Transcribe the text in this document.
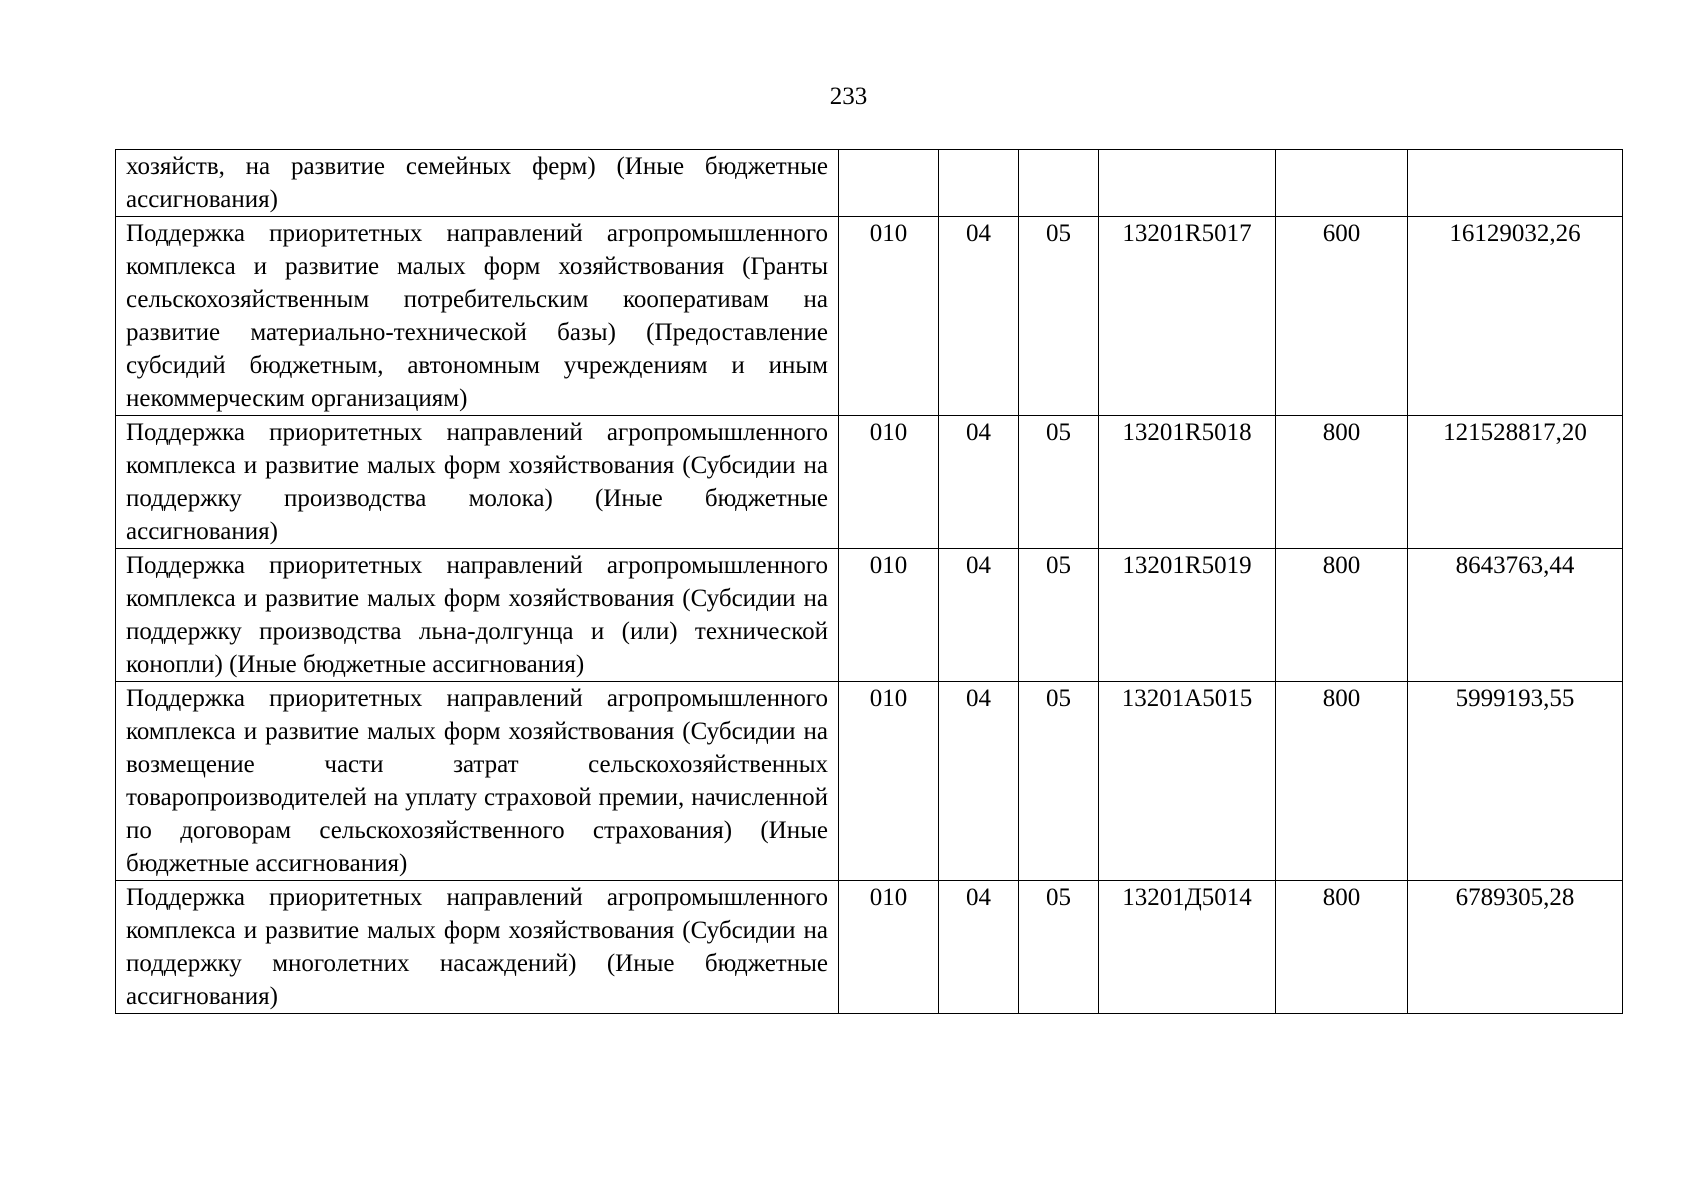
233
хозяйств, на развитие семейных ферм) (Иные бюджетные ассигнования)						
Поддержка приоритетных направлений агропромышленного комплекса и развитие малых форм хозяйствования (Гранты сельскохозяйственным потребительским кооперативам на развитие материально-технической базы) (Предоставление субсидий бюджетным, автономным учреждениям и иным некоммерческим организациям)	010	04	05	13201R5017	600	16129032,26
Поддержка приоритетных направлений агропромышленного комплекса и развитие малых форм хозяйствования (Субсидии на поддержку производства молока) (Иные бюджетные ассигнования)	010	04	05	13201R5018	800	121528817,20
Поддержка приоритетных направлений агропромышленного комплекса и развитие малых форм хозяйствования (Субсидии на поддержку производства льна-долгунца и (или) технической конопли) (Иные бюджетные ассигнования)	010	04	05	13201R5019	800	8643763,44
Поддержка приоритетных направлений агропромышленного комплекса и развитие малых форм хозяйствования (Субсидии на возмещение части затрат сельскохозяйственных товаропроизводителей на уплату страховой премии, начисленной по договорам сельскохозяйственного страхования) (Иные бюджетные ассигнования)	010	04	05	13201A5015	800	5999193,55
Поддержка приоритетных направлений агропромышленного комплекса и развитие малых форм хозяйствования (Субсидии на поддержку многолетних насаждений) (Иные бюджетные ассигнования)	010	04	05	13201Д5014	800	6789305,28
